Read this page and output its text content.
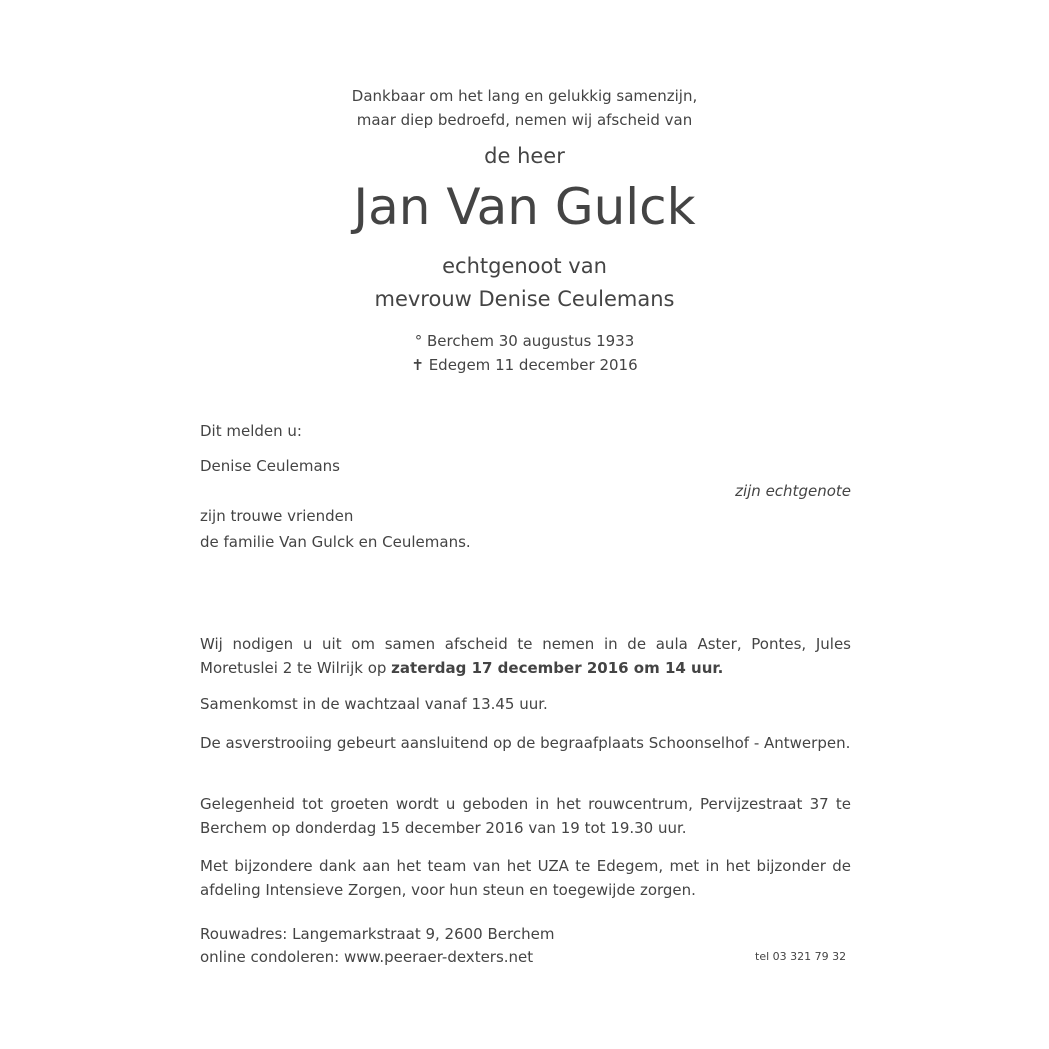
Dankbaar om het lang en gelukkig samenzijn,
maar diep bedroefd, nemen wij afscheid van
de heer
Jan Van Gulck
echtgenoot van
mevrouw Denise Ceulemans
° Berchem 30 augustus 1933
✝ Edegem 11 december 2016
Dit melden u:
Denise Ceulemans
zijn echtgenote
zijn trouwe vrienden
de familie Van Gulck en Ceulemans.
Wij nodigen u uit om samen afscheid te nemen in de aula Aster, Pontes, Jules Moretuslei 2 te Wilrijk op zaterdag 17 december 2016 om 14 uur.
Samenkomst in de wachtzaal vanaf 13.45 uur.
De asverstrooiing gebeurt aansluitend op de begraafplaats Schoonselhof - Antwerpen.
Gelegenheid tot groeten wordt u geboden in het rouwcentrum, Pervijzestraat 37 te Berchem op donderdag 15 december 2016 van 19 tot 19.30 uur.
Met bijzondere dank aan het team van het UZA te Edegem, met in het bijzonder de afdeling Intensieve Zorgen, voor hun steun en toegewijde zorgen.
Rouwadres: Langemarkstraat 9, 2600 Berchem
online condoleren: www.peeraer-dexters.net	tel 03 321 79 32
